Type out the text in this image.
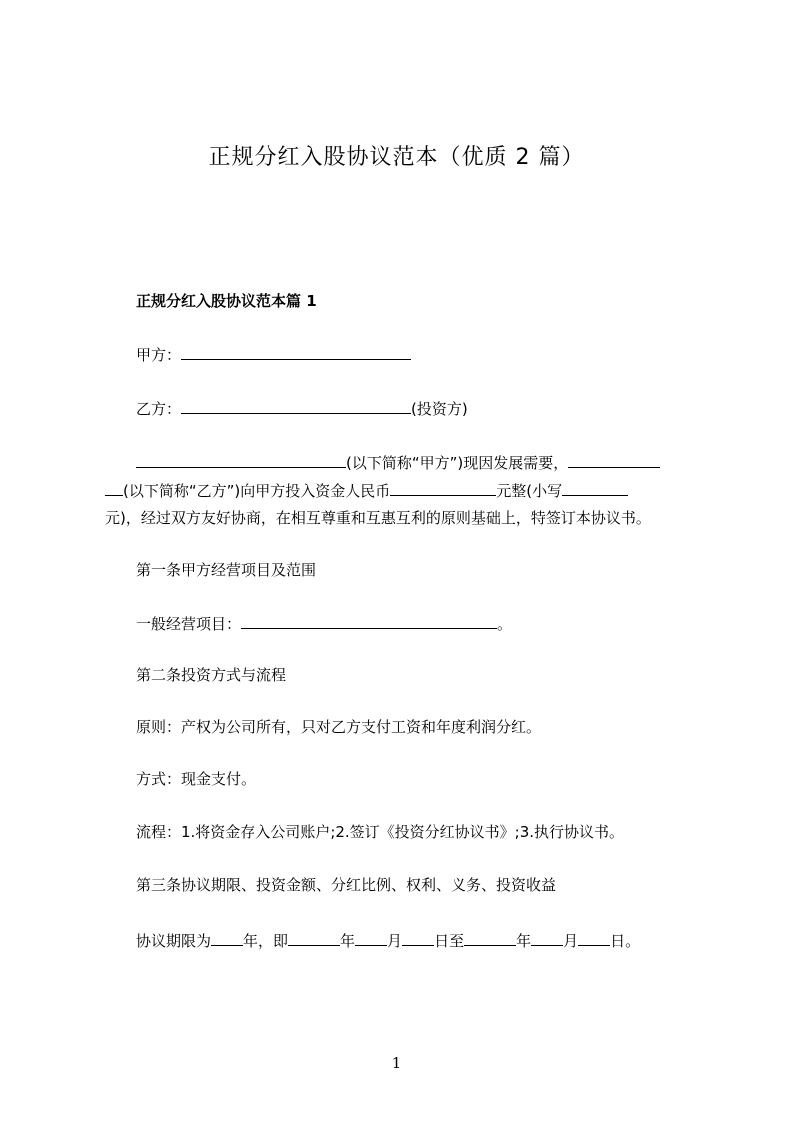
正规分红入股协议范本（优质 2 篇）
正规分红入股协议范本篇 1
甲方：
乙方：	(投资方)
(以下简称“甲方”)现因发展需要，
(以下简称“乙方”)向甲方投入资金人民币	元整(小写
元)，经过双方友好协商，在相互尊重和互惠互利的原则基础上，特签订本协议书。
第一条甲方经营项目及范围
一般经营项目：	。
第二条投资方式与流程
原则：产权为公司所有，只对乙方支付工资和年度利润分红。
方式：现金支付。
流程：1.将资金存入公司账户;2.签订《投资分红协议书》;3.执行协议书。
第三条协议期限、投资金额、分红比例、权利、义务、投资收益
协议期限为 年，即	年 月 日至	年 月 日。
1
